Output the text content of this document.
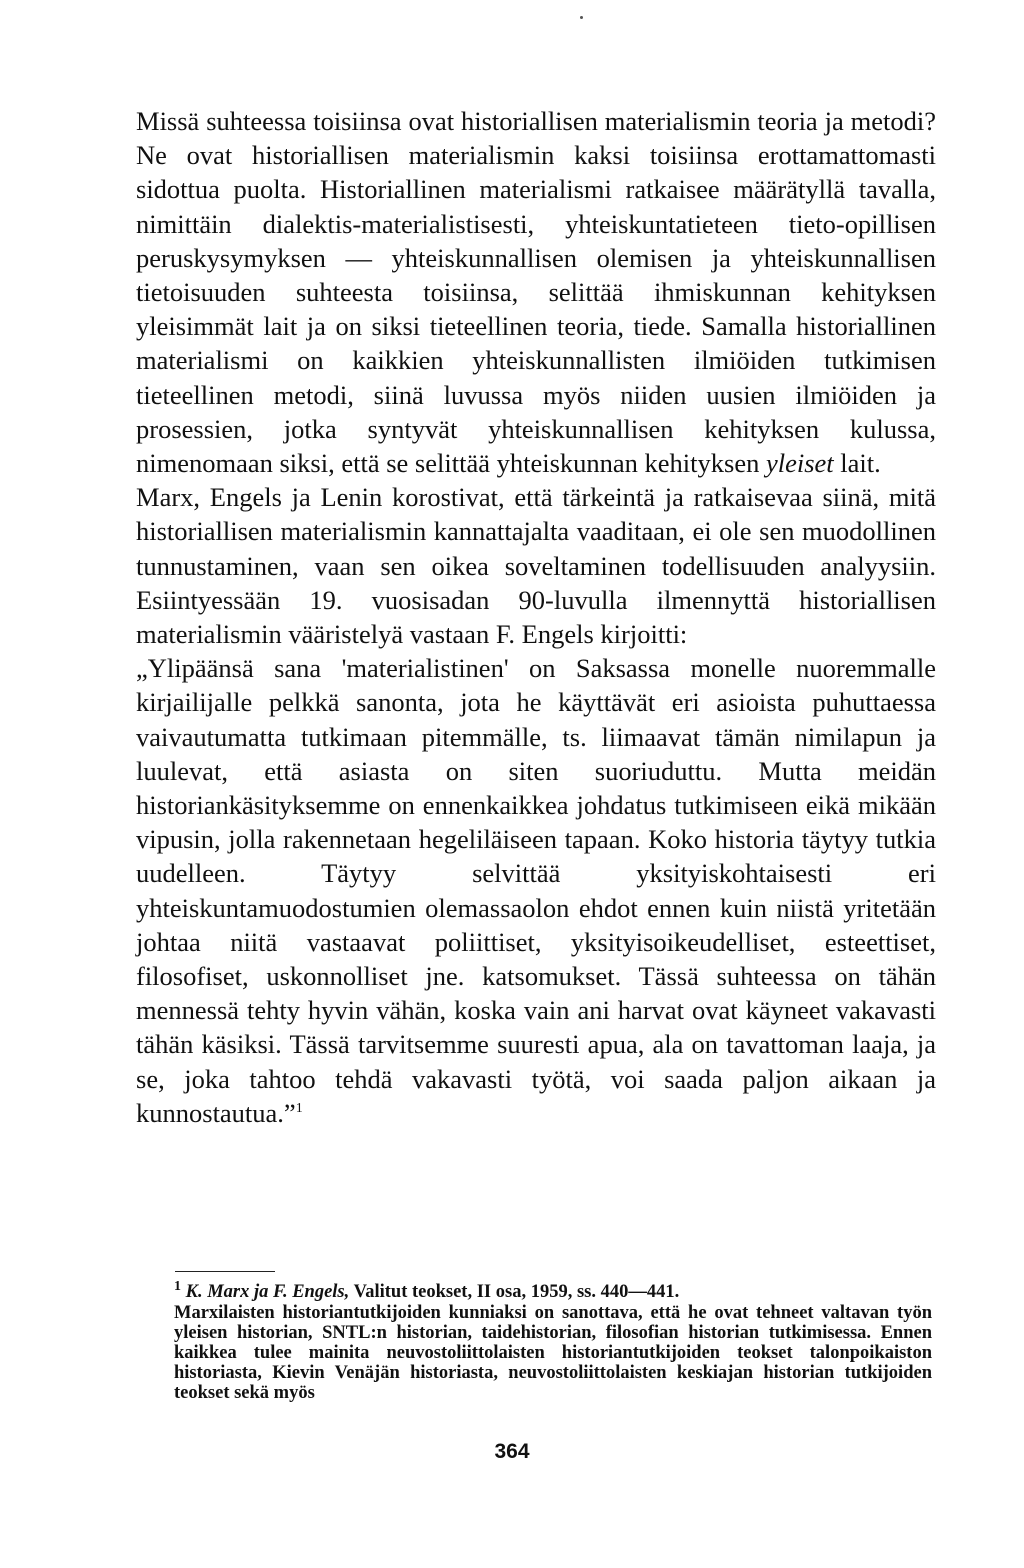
Missä suhteessa toisiinsa ovat historiallisen materialismin teoria ja metodi? Ne ovat historiallisen materialismin kaksi toisiinsa erottamattomasti sidottua puolta. Historiallinen materialismi ratkaisee määrätyllä tavalla, nimittäin dialektis-materialistisesti, yhteiskuntatieteen tieto-opillisen peruskysymyksen — yhteiskunnallisen olemisen ja yhteiskunnallisen tietoisuuden suhteesta toisiinsa, selittää ihmiskunnan kehityksen yleisimmät lait ja on siksi tieteellinen teoria, tiede. Samalla historiallinen materialismi on kaikkien yhteiskunnallisten ilmiöiden tutkimisen tieteellinen metodi, siinä luvussa myös niiden uusien ilmiöiden ja prosessien, jotka syntyvät yhteiskunnallisen kehityksen kulussa, nimenomaan siksi, että se selittää yhteiskunnan kehityksen yleiset lait.

Marx, Engels ja Lenin korostivat, että tärkeintä ja ratkaisevaa siinä, mitä historiallisen materialismin kannattajalta vaaditaan, ei ole sen muodollinen tunnustaminen, vaan sen oikea soveltaminen todellisuuden analyysiin. Esiintyessään 19. vuosisadan 90-luvulla ilmennyttä historiallisen materialismin vääristelyä vastaan F. Engels kirjoitti:

„Ylipäänsä sana 'materialistinen' on Saksassa monelle nuoremmalle kirjailijalle pelkkä sanonta, jota he käyttävät eri asioista puhuttaessa vaivautumatta tutkimaan pitemmälle, ts. liimaavat tämän nimilapun ja luulevat, että asiasta on siten suoriuduttu. Mutta meidän historiankäsityksemme on ennenkaikkea johdatus tutkimiseen eikä mikään vipusin, jolla rakennetaan hegeliläiseen tapaan. Koko historia täytyy tutkia uudelleen. Täytyy selvittää yksityiskohtaisesti eri yhteiskuntamuodostumien olemassaolon ehdot ennen kuin niistä yritetään johtaa niitä vastaavat poliittiset, yksityisoikeudelliset, esteettiset, filosofiset, uskonnolliset jne. katsomukset. Tässä suhteessa on tähän mennessä tehty hyvin vähän, koska vain ani harvat ovat käyneet vakavasti tähän käsiksi. Tässä tarvitsemme suuresti apua, ala on tavattoman laaja, ja se, joka tahtoo tehdä vakavasti työtä, voi saada paljon aikaan ja kunnostautua.”$^1$

$^1$ K. Marx ja F. Engels, Valitut teokset, II osa, 1959, ss. 440—441.

Marxilaisten historiantutkijoiden kunniaksi on sanottava, että he ovat tehneet valtavan työn yleisen historian, SNTL:n historian, taidehistorian, filosofian historian tutkimisessa. Ennen kaikkea tulee mainita neuvostoliittolaisten historiantutkijoiden teokset talonpoikaiston historiasta, Kievin Venäjän historiasta, neuvostoliittolaisten keskiajan historian tutkijoiden teokset sekä myös

364
